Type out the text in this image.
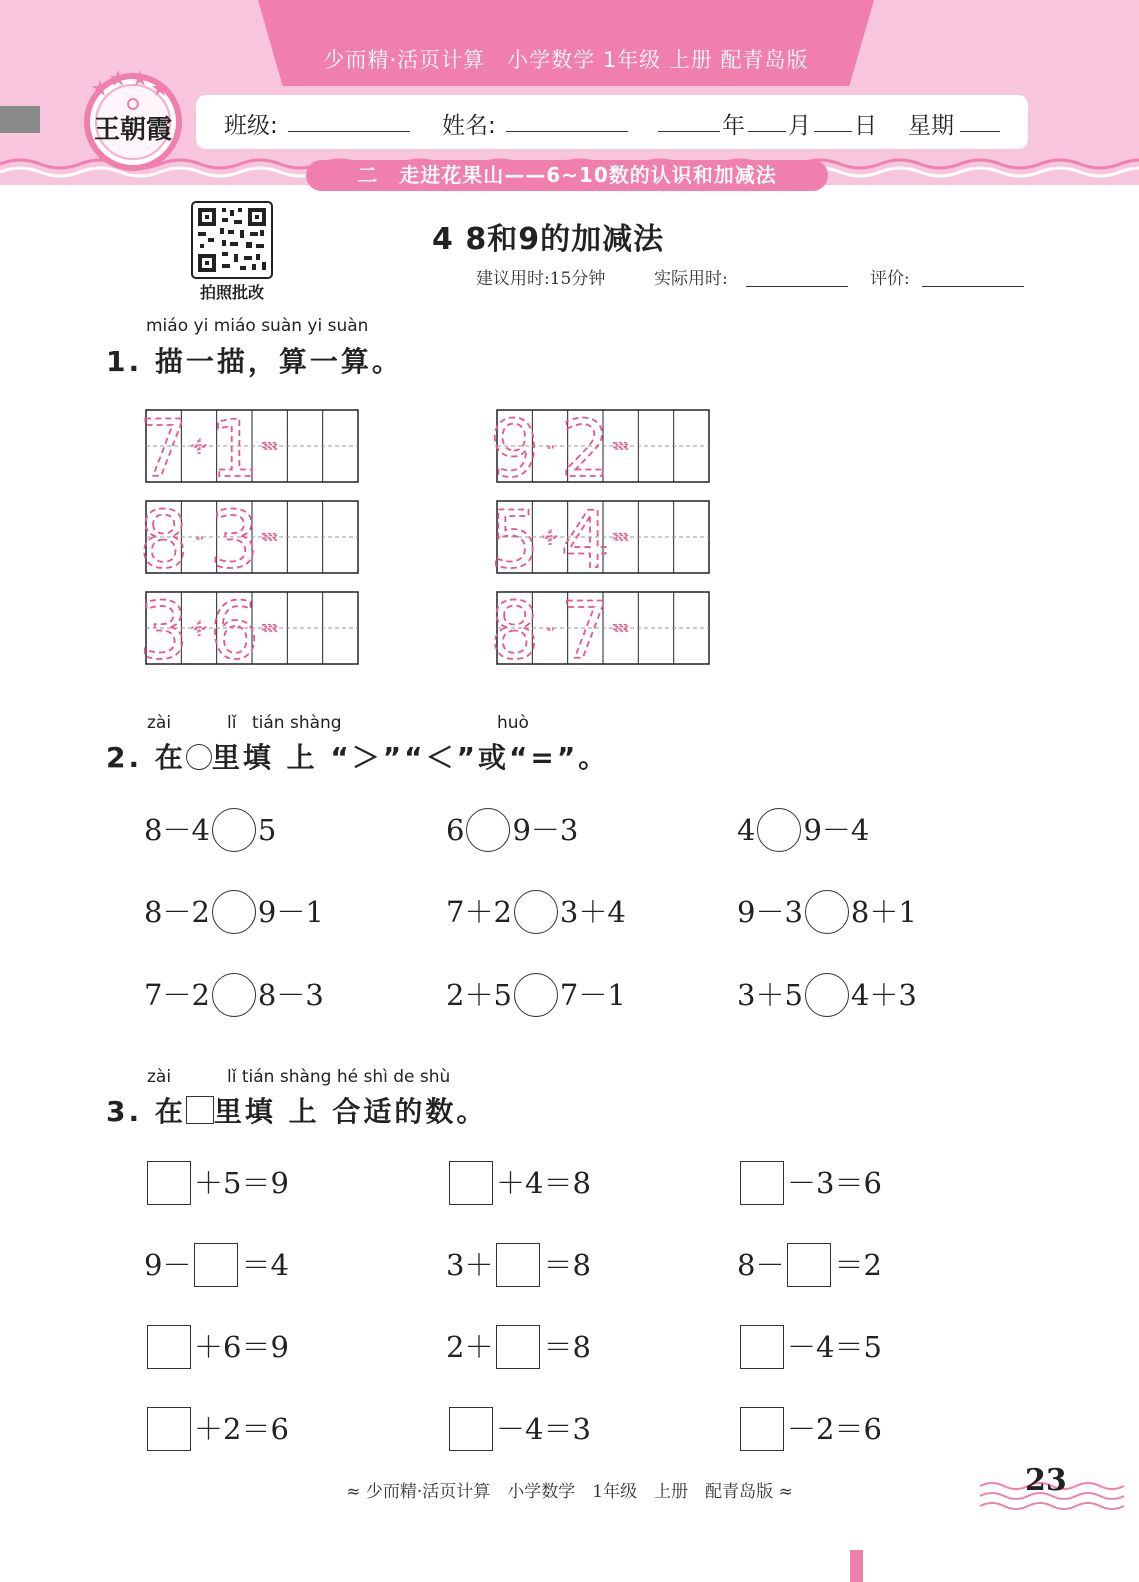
少而精·活页计算　小学数学 1年级 上册 配青岛版
班级:	姓名:	年 月 日 星期
二　走进花果山——6~10数的认识和加减法
王朝霞
拍照批改
4 8和9的加减法
建议用时:15分钟	实际用时:	评价:
miáo yi miáo suàn yi suàn
1. 描一描，算一算。
7 + 1 =	9 - 2 =
8 - 3 =	5 + 4 =
3 + 6 =	8 - 7 =
zài	lǐ tián shàng	huò
2. 在 里填 上 “＞”“＜”或“=”。
8－4 5	6 9－3	4 9－4
8－2 9－1	7＋2 3＋4	9－3 8＋1
7－2 8－3	2＋5 7－1	3＋5 4＋3
zài	lǐ tián shàng hé shì de shù
3. 在 里填 上 合适的数。
＋5＝9	＋4＝8	－3＝6
9－ ＝4	3＋ ＝8	8－ ＝2
＋6＝9	2＋ ＝8	－4＝5
＋2＝6	－4＝3	－2＝6
≈ 少而精·活页计算　小学数学　1年级　上册　配青岛版 ≈	23
